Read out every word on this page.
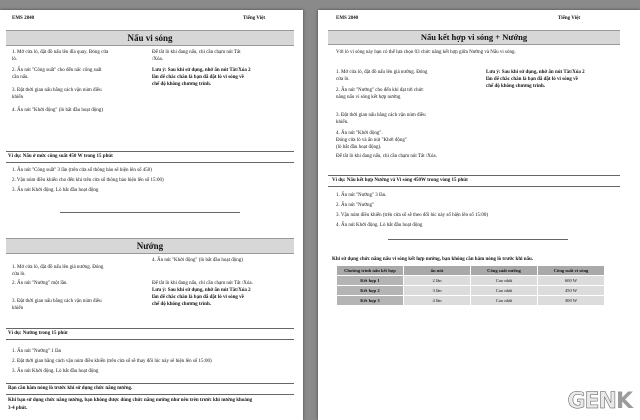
EMS 2840	Tiếng Việt
Nấu vi sóng
1. Mở cửa lò, đặt đồ nấu lên đĩa quay. Đóng cửa
lò.
2. Ấn nút "Công suất" cho đến nấc công suất
cần nấu.
3. Đặt thời gian nấu bằng cách vặn núm điều
khiển
4. Ấn nút "Khởi động" (lò bắt đầu hoạt động)
Để tắt lò khi đang nấu, chỉ cần chạm nút Tắt
/Xóa.
Lưu ý: Sau khi sử dụng, nhớ ấn nút Tắt/Xóa 2
lần để chắc chắn là bạn đã đặt lò vi sóng về
chế độ không chương trình.
Ví dụ: Nấu ở mức công suất 450 W trong 15 phút
1. Ấn nút "Công suất" 3 lần (trên cửa số thông báo sẽ hiện lên số 450)
2. Vặn núm điều khiển cho đến khi trên cửa số thông báo hiện lên số 15:00)
3. Ấn nút Khởi động. Lò bắt đầu hoạt động
Nướng
1. Mở cửa lò, đặt đồ nấu lên giá nướng. Đóng
cửa lò.
2. Ấn nút "Nướng" một lần.
3. Đặt thời gian nấu bằng cách vặn núm điều
khiển
4. Ấn nút "Khởi động" (lò bắt đầu hoạt động)
Để tắt lò khi đang nấu, chỉ cần chạm nút Tắt /Xóa.
Lưu ý: Sau khi sử dụng, nhớ ấn nút Tắt/Xóa 2
lần để chắc chắn là bạn đã đặt lò vi sóng về
chế độ không chương trình.
Ví dụ: Nướng trong 15 phút
1. Ấn nút "Nướng" 1 lần
2. Đặt thời gian bằng cách vặn núm điều khiển (trên cửa số sẽ thay đổi lúc này sẽ hiện lên số 15:00)
3. Ấn nút Khởi động. Lò bắt đầu hoạt động
Bạn cần hâm nóng lò trước khi sử dụng chức năng nướng.
Khi bạn sử dụng chức năng nướng, bạn không được dùng chức năng nướng như nêu trên trước khi nướng khoảng
3-4 phút.
EMS 2840	Tiếng Việt
Nấu kết hợp vi sóng + Nướng
Với lò vi sóng này bạn có thể lựa chọn 03 chức năng kết hợp giữa Nướng và Nấu vi sóng.
1. Mở cửa lò, đặt đồ nấu lên giá nướng. Đóng
cửa lò.
2. Ấn nút "Nướng" cho đến khi đạt tới chức
năng nấu vi sóng kết hợp nướng
3. Đặt thời gian nấu bằng cách vặn núm điều
khiển.
4. Ấn nút "Khởi động".
Đóng cửa lò và ấn nút "Khởi động"
(lò bắt đầu hoạt động).
Để tắt lò khi đang nấu, chỉ cần chạm nút Tắt /Xóa.
Lưu ý: Sau khi sử dụng, nhớ ấn nút Tắt/Xóa 2
lần để chắc chắn là bạn đã đặt lò vi sóng về
chế độ không chương trình.
Ví dụ: Nấu kết hợp Nướng và Vi sóng 450W trong vòng 15 phút
1. Ấn nút "Nướng" 3 lần.
2. Ấn nút "Nướng"
3. Vặn núm điều khiển (trên cửa số sẽ theo đổi lúc này số hiện lên số 15:00)
4. Ấn nút Khởi động. Lò bắt đầu hoạt động
Khi sử dụng chức năng nấu vi sóng kết hợp nướng, bạn không cần hâm nóng lò trước khi nấu.
Chương trình nấu kết hợp	ấn nút	Công suất nướng	Công suất vi sóng
Kết hợp 1	2 lần	Cao nhất	600 W
Kết hợp 2	3 lần	Cao nhất	450 W
Kết hợp 3	4 lần	Cao nhất	300 W
GENK
